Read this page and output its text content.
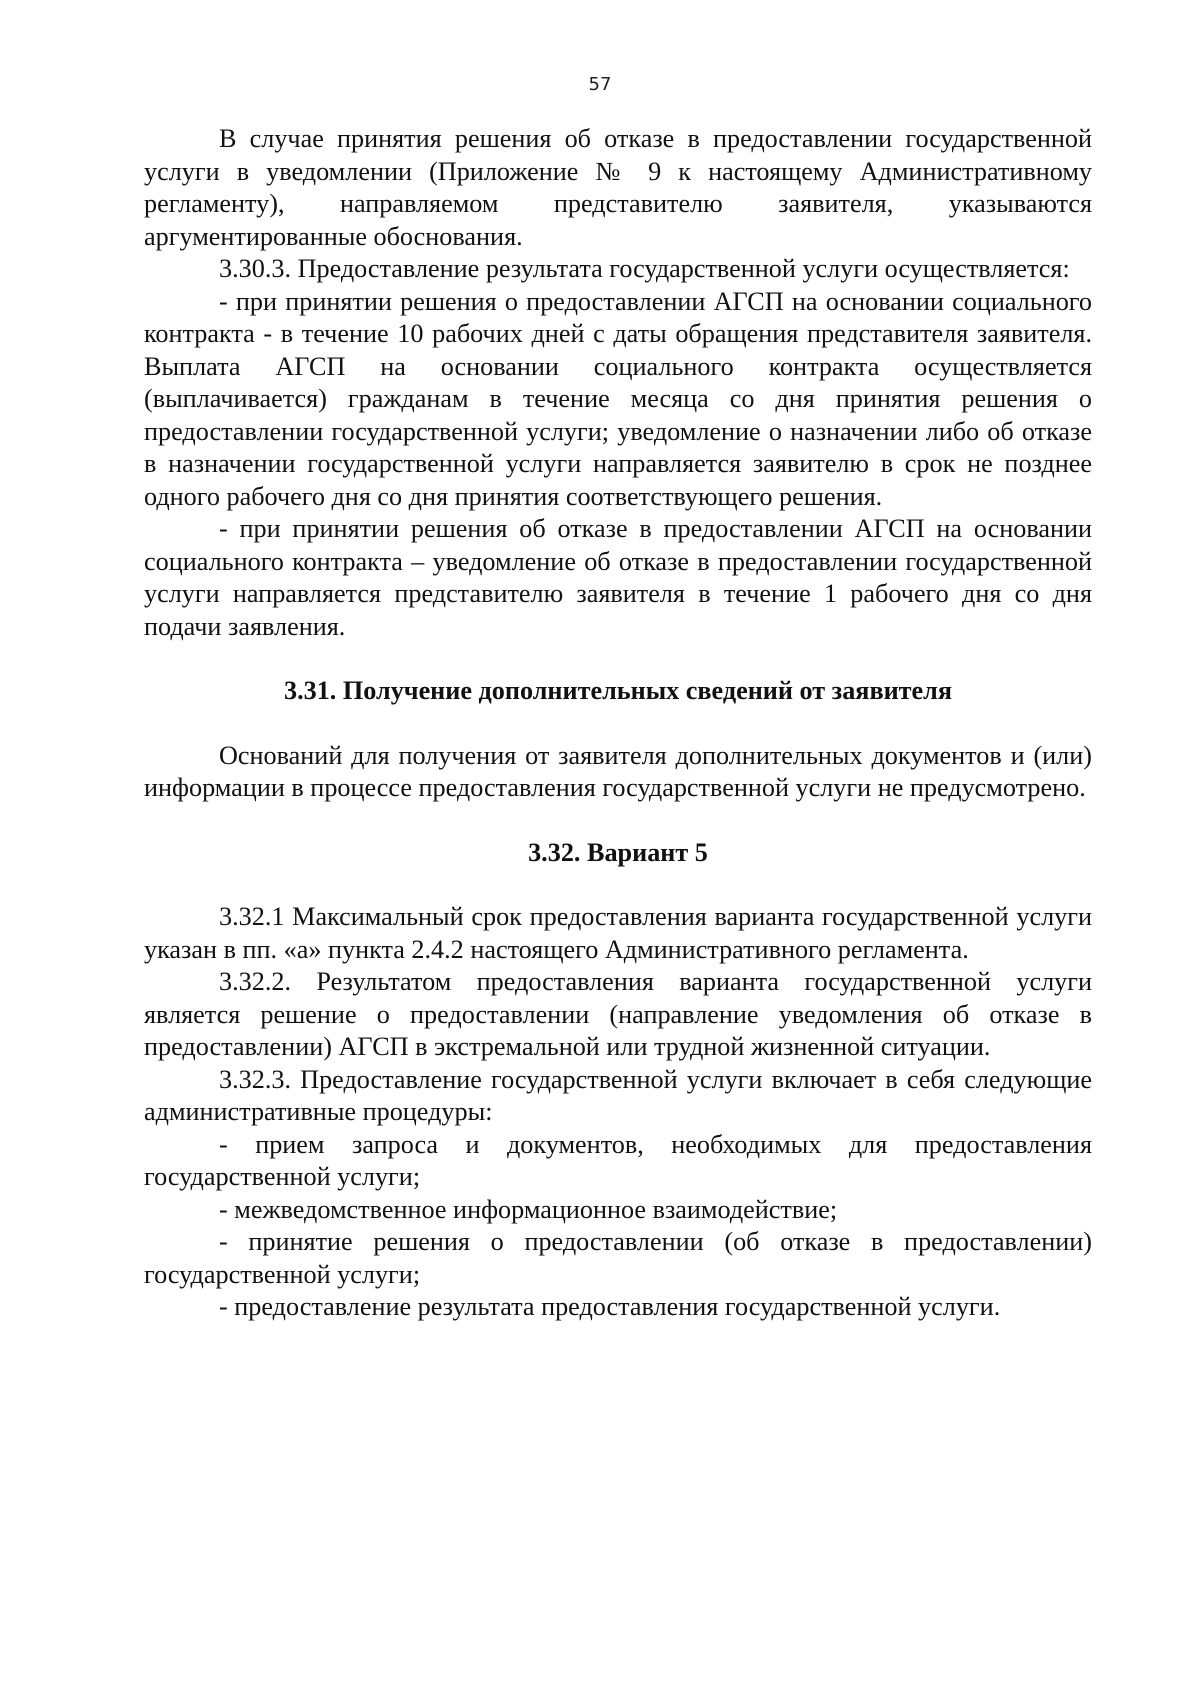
57

В случае принятия решения об отказе в предоставлении государственной услуги в уведомлении (Приложение № 9 к настоящему Административному регламенту), направляемом представителю заявителя, указываются аргументированные обоснования.

3.30.3. Предоставление результата государственной услуги осуществляется:

- при принятии решения о предоставлении АГСП на основании социального контракта - в течение 10 рабочих дней с даты обращения представителя заявителя. Выплата АГСП на основании социального контракта осуществляется (выплачивается) гражданам в течение месяца со дня принятия решения о предоставлении государственной услуги; уведомление о назначении либо об отказе в назначении государственной услуги направляется заявителю в срок не позднее одного рабочего дня со дня принятия соответствующего решения.

- при принятии решения об отказе в предоставлении АГСП на основании социального контракта – уведомление об отказе в предоставлении государственной услуги направляется представителю заявителя в течение 1 рабочего дня со дня подачи заявления.

3.31. Получение дополнительных сведений от заявителя

Оснований для получения от заявителя дополнительных документов и (или) информации в процессе предоставления государственной услуги не предусмотрено.

3.32. Вариант 5

3.32.1 Максимальный срок предоставления варианта государственной услуги указан в пп. «а» пункта 2.4.2 настоящего Административного регламента.

3.32.2. Результатом предоставления варианта государственной услуги является решение о предоставлении (направление уведомления об отказе в предоставлении) АГСП в экстремальной или трудной жизненной ситуации.

3.32.3. Предоставление государственной услуги включает в себя следующие административные процедуры:

- прием запроса и документов, необходимых для предоставления государственной услуги;

- межведомственное информационное взаимодействие;

- принятие решения о предоставлении (об отказе в предоставлении) государственной услуги;

- предоставление результата предоставления государственной услуги.
